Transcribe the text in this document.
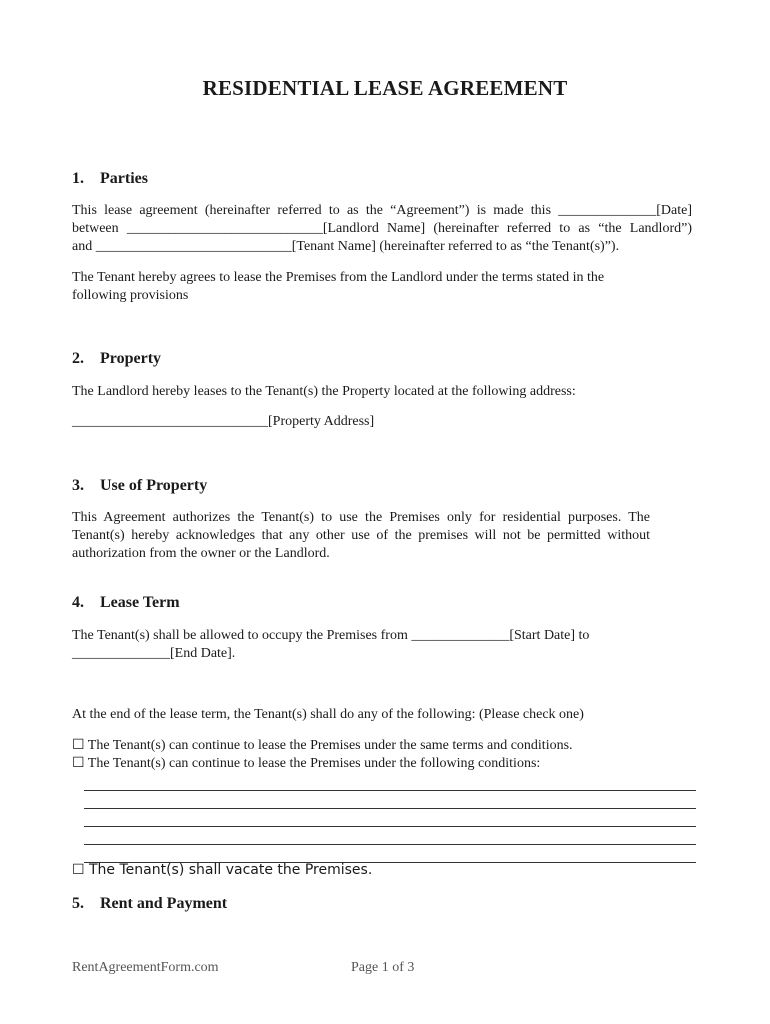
RESIDENTIAL LEASE AGREEMENT
1. Parties
This lease agreement (hereinafter referred to as the “Agreement”) is made this ______________[Date]
between ____________________________[Landlord Name] (hereinafter referred to as “the Landlord”)
and ____________________________[Tenant Name] (hereinafter referred to as “the Tenant(s)”).
The Tenant hereby agrees to lease the Premises from the Landlord under the terms stated in the
following provisions
2. Property
The Landlord hereby leases to the Tenant(s) the Property located at the following address:
____________________________[Property Address]
3. Use of Property
This Agreement authorizes the Tenant(s) to use the Premises only for residential purposes. The
Tenant(s) hereby acknowledges that any other use of the premises will not be permitted without
authorization from the owner or the Landlord.
4. Lease Term
The Tenant(s) shall be allowed to occupy the Premises from ______________[Start Date] to
______________[End Date].
At the end of the lease term, the Tenant(s) shall do any of the following: (Please check one)
☐ The Tenant(s) can continue to lease the Premises under the same terms and conditions.
☐ The Tenant(s) can continue to lease the Premises under the following conditions:
☐ The Tenant(s) shall vacate the Premises.
5. Rent and Payment
RentAgreementForm.com	Page 1 of 3
